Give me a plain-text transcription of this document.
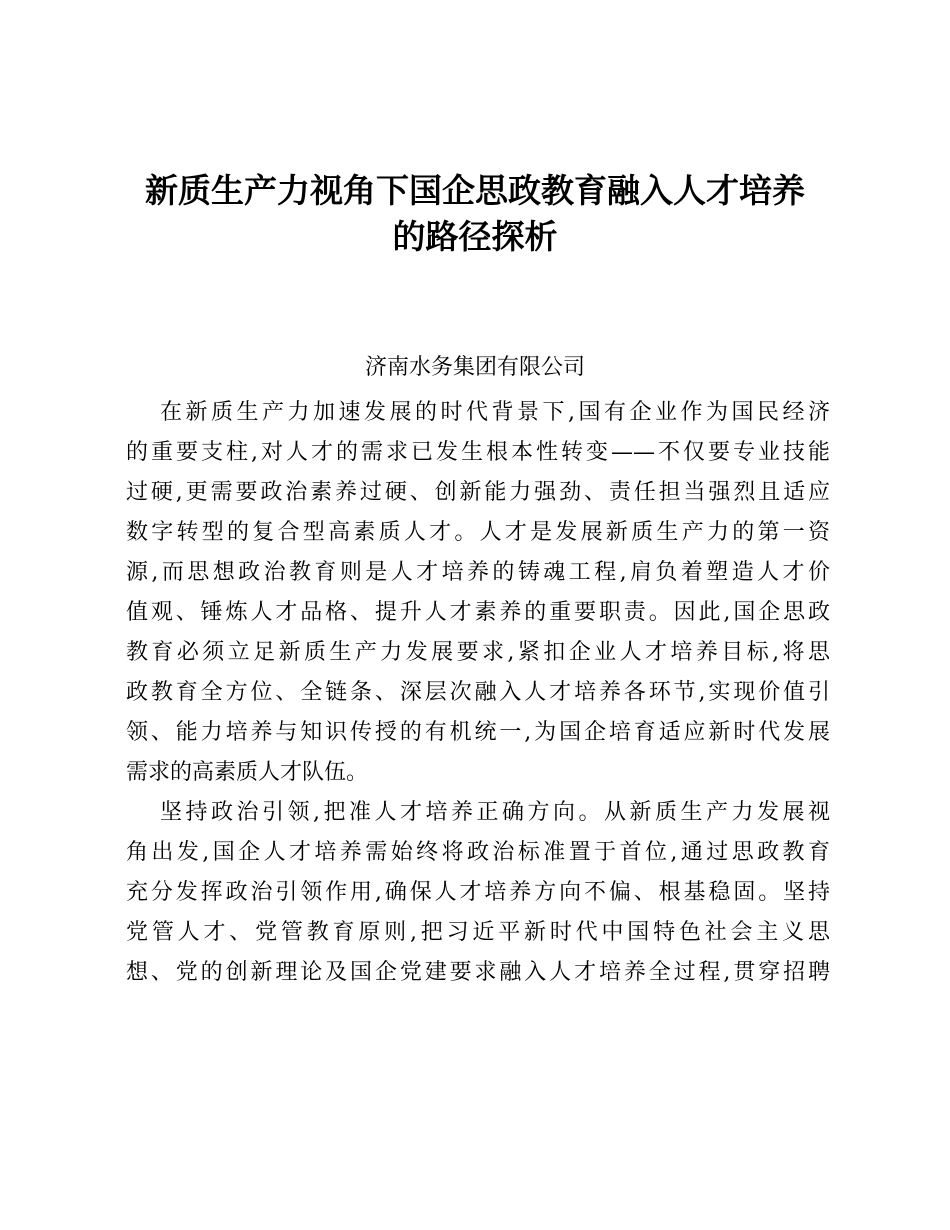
新质生产力视角下国企思政教育融入人才培养
的路径探析

济南水务集团有限公司

在新质生产力加速发展的时代背景下,国有企业作为国民经济
的重要支柱,对人才的需求已发生根本性转变——不仅要专业技能
过硬,更需要政治素养过硬、创新能力强劲、责任担当强烈且适应
数字转型的复合型高素质人才。人才是发展新质生产力的第一资
源,而思想政治教育则是人才培养的铸魂工程,肩负着塑造人才价
值观、锤炼人才品格、提升人才素养的重要职责。因此,国企思政
教育必须立足新质生产力发展要求,紧扣企业人才培养目标,将思
政教育全方位、全链条、深层次融入人才培养各环节,实现价值引
领、能力培养与知识传授的有机统一,为国企培育适应新时代发展
需求的高素质人才队伍。

坚持政治引领,把准人才培养正确方向。从新质生产力发展视
角出发,国企人才培养需始终将政治标准置于首位,通过思政教育
充分发挥政治引领作用,确保人才培养方向不偏、根基稳固。坚持
党管人才、党管教育原则,把习近平新时代中国特色社会主义思
想、党的创新理论及国企党建要求融入人才培养全过程,贯穿招聘
